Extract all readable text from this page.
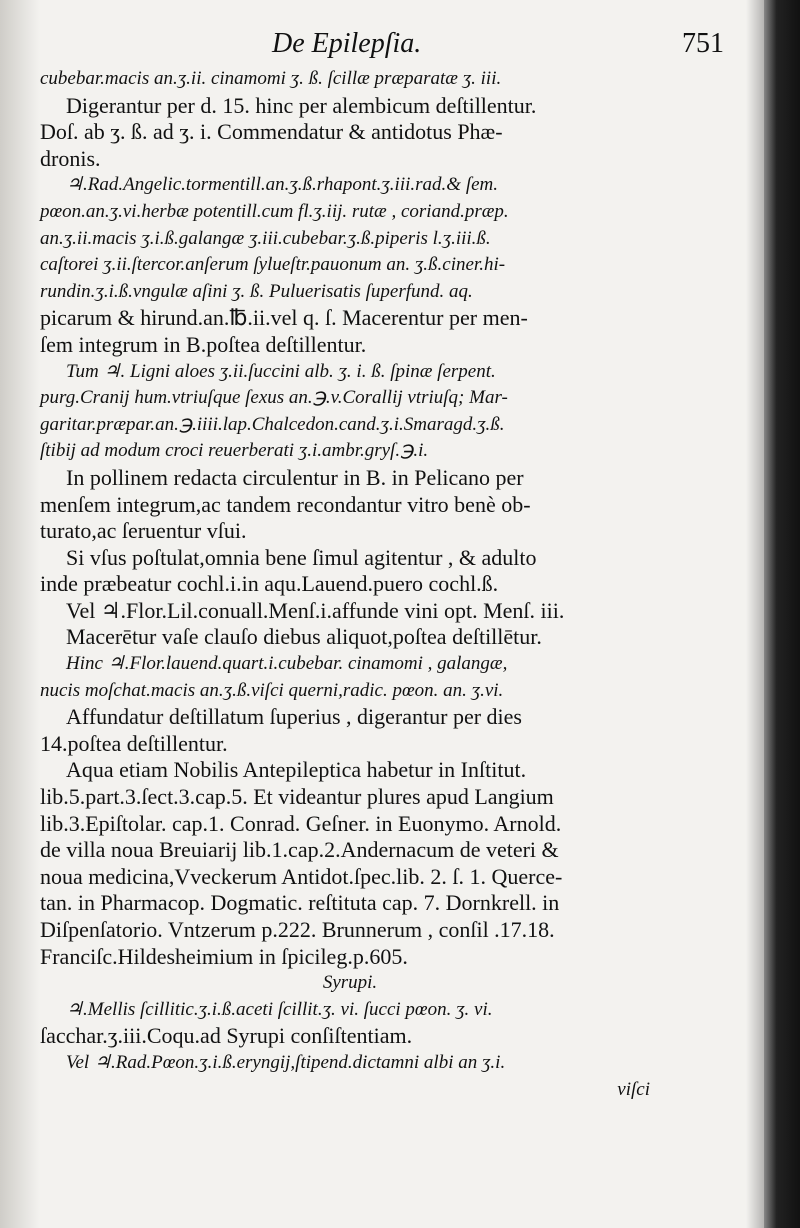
De Epilepſia.	751
cubebar.macis an.ʒ.ii. cinamomi ʒ. ß. ſcillæ præparatæ ʒ. iii.
Digerantur per d. 15. hinc per alembicum deſtillentur.
Doſ. ab ʒ. ß. ad ʒ. i. Commendatur & antidotus Phæ-
dronis.
♃.Rad.Angelic.tormentill.an.ʒ.ß.rhapont.ʒ.iii.rad.& ſem.
pœon.an.ʒ.vi.herbæ potentill.cum fl.ʒ.iij. rutæ , coriand.præp.
an.ʒ.ii.macis ʒ.i.ß.galangæ ʒ.iii.cubebar.ʒ.ß.piperis l.ʒ.iii.ß.
caſtorei ʒ.ii.ſtercor.anſerum ſylueſtr.pauonum an. ʒ.ß.ciner.hi-
rundin.ʒ.i.ß.vngulæ aſini ʒ. ß. Puluerisatis ſuperfund. aq.
picarum & hirund.an.℔.ii.vel q. ſ. Macerentur per men-
ſem integrum in B.poſtea deſtillentur.
Tum ♃. Ligni aloes ʒ.ii.ſuccini alb. ʒ. i. ß. ſpinæ ſerpent.
purg.Cranij hum.vtriuſque ſexus an.℈.v.Corallij vtriuſq; Mar-
garitar.præpar.an.℈.iiii.lap.Chalcedon.cand.ʒ.i.Smaragd.ʒ.ß.
ſtibij ad modum croci reuerberati ʒ.i.ambr.gryſ.℈.i.
In pollinem redacta circulentur in B. in Pelicano per
menſem integrum,ac tandem recondantur vitro benè ob-
turato,ac ſeruentur vſui.
Si vſus poſtulat,omnia bene ſimul agitentur , & adulto
inde præbeatur cochl.i.in aqu.Lauend.puero cochl.ß.
Vel ♃.Flor.Lil.conuall.Menſ.i.affunde vini opt. Menſ. iii.
Macerētur vaſe clauſo diebus aliquot,poſtea deſtillētur.
Hinc ♃.Flor.lauend.quart.i.cubebar. cinamomi , galangæ,
nucis moſchat.macis an.ʒ.ß.viſci querni,radic. pœon. an. ʒ.vi.
Affundatur deſtillatum ſuperius , digerantur per dies
14.poſtea deſtillentur.
Aqua etiam Nobilis Antepileptica habetur in Inſtitut.
lib.5.part.3.ſect.3.cap.5. Et videantur plures apud Langium
lib.3.Epiſtolar. cap.1. Conrad. Geſner. in Euonymo. Arnold.
de villa noua Breuiarij lib.1.cap.2.Andernacum de veteri &
noua medicina,Vveckerum Antidot.ſpec.lib. 2. ſ. 1. Querce-
tan. in Pharmacop. Dogmatic. reſtituta cap. 7. Dornkrell. in
Diſpenſatorio. Vntzerum p.222. Brunnerum , conſil .17.18.
Franciſc.Hildesheimium in ſpicileg.p.605.
Syrupi.
♃.Mellis ſcillitic.ʒ.i.ß.aceti ſcillit.ʒ. vi. ſucci pœon. ʒ. vi.
ſacchar.ʒ.iii.Coqu.ad Syrupi conſiſtentiam.
Vel ♃.Rad.Pœon.ʒ.i.ß.eryngij,ſtipend.dictamni albi an ʒ.i.
viſci
